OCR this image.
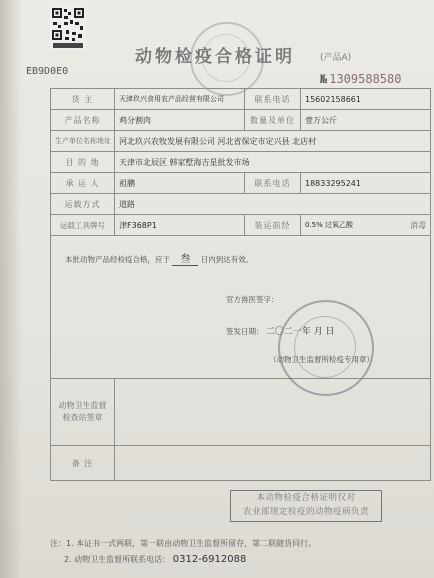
动物检疫合格证明	(产品A)
EB9D0E0
№ 1309588580
货 主	天津玖兴食用农产品经营有限公司	联系电话	15602158661
产品名称	鸡分割肉	数量及单位	壹万公斤
生产单位名称地址	河北玖兴农牧发展有限公司 河北省保定市定兴县 北店村		
目 的 地	天津市北辰区 韩家墅海吉星批发市场		
承 运 人	祖鹏	联系电话	18833295241
运载方式	道路		
运载工具牌号	津F368P1	装运前经	0.5% 过氧乙酸 消毒

本批动物产品经检疫合格，应于 叁 日内到达有效。
官方兽医签字：
签发日期： 二〇二一年 月 日
（动物卫生监督所检疫专用章）			

动物卫生监督检查站签章			
备 注			
本动物检疫合格证明仅对
农业部规定检疫的动物疫病负责
注：1. 本证书一式两联，第一联由动物卫生监督所留存，第二联随货同行。
2. 动物卫生监督所联系电话： 0312-6912088
